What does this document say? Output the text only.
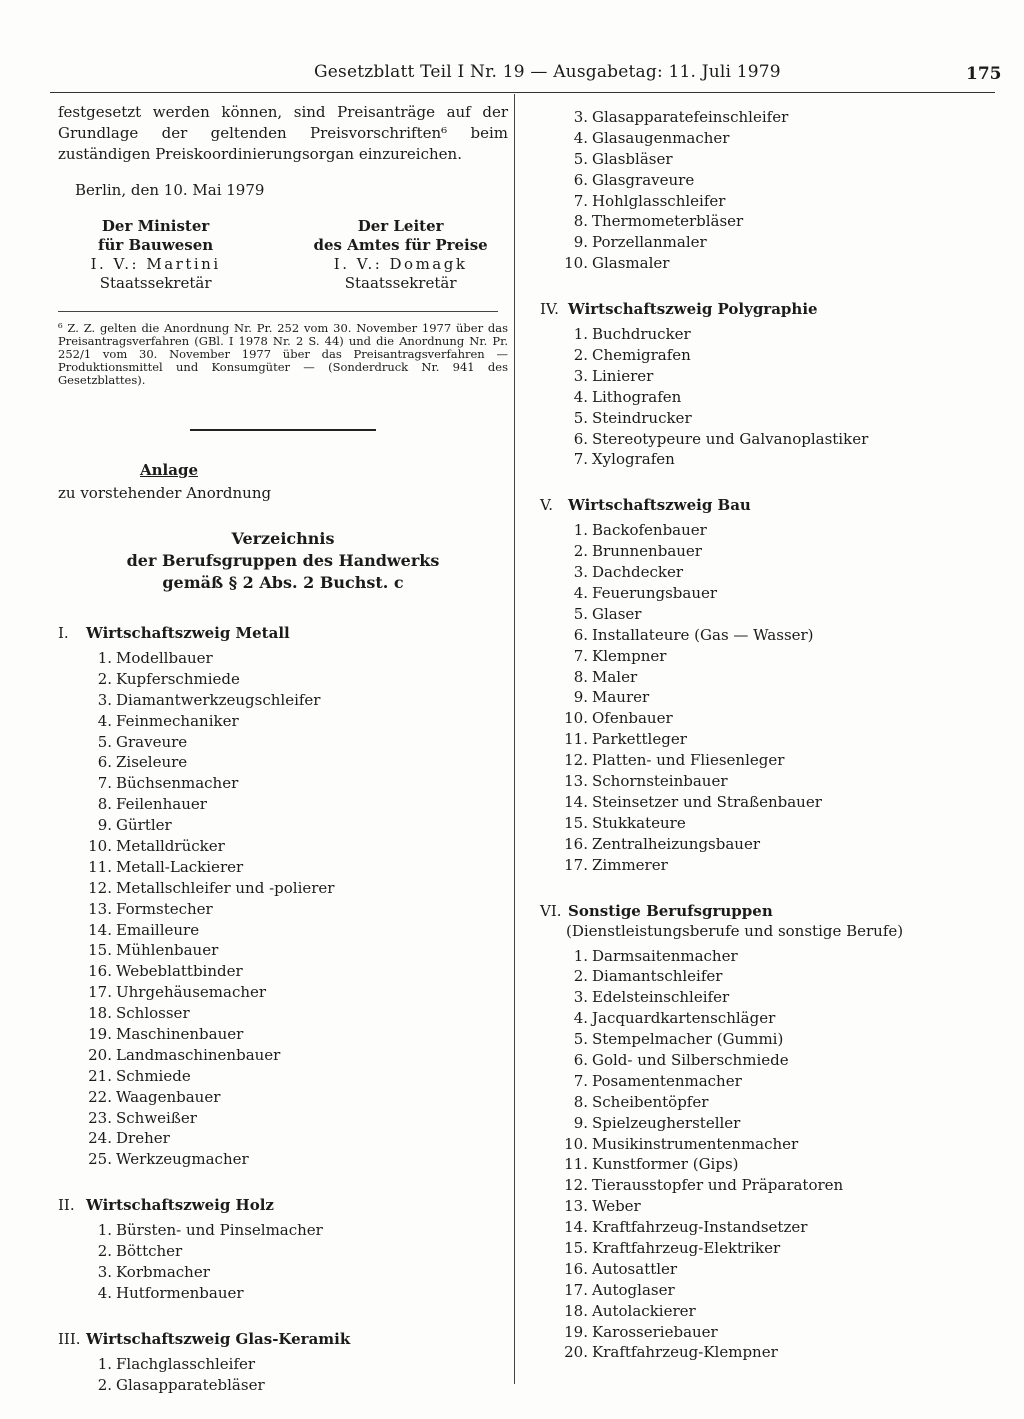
Gesetzblatt Teil I Nr. 19 — Ausgabetag: 11. Juli 1979	175

festgesetzt werden können, sind Preisanträge auf der Grundlage der geltenden Preisvorschriften⁶ beim zuständigen Preiskoordinierungsorgan einzureichen.

Berlin, den 10. Mai 1979
Der Minister
für Bauwesen
I. V.: Martini
Staatssekretär
Der Leiter
des Amtes für Preise
I. V.: Domagk
Staatssekretär

⁶ Z. Z. gelten die Anordnung Nr. Pr. 252 vom 30. November 1977 über das Preisantragsverfahren (GBl. I 1978 Nr. 2 S. 44) und die Anordnung Nr. Pr. 252/1 vom 30. November 1977 über das Preisantragsverfahren — Produktionsmittel und Konsumgüter — (Sonderdruck Nr. 941 des Gesetzblattes).

Anlage
zu vorstehender Anordnung
Verzeichnis
der Berufsgruppen des Handwerks
gemäß § 2 Abs. 2 Buchst. c
I.	Wirtschaftszweig Metall
1. Modellbauer
2. Kupferschmiede
3. Diamantwerkzeugschleifer
4. Feinmechaniker
5. Graveure
6. Ziseleure
7. Büchsenmacher
8. Feilenhauer
9. Gürtler
10. Metalldrücker
11. Metall-Lackierer
12. Metallschleifer und -polierer
13. Formstecher
14. Emailleure
15. Mühlenbauer
16. Webeblattbinder
17. Uhrgehäusemacher
18. Schlosser
19. Maschinenbauer
20. Landmaschinenbauer
21. Schmiede
22. Waagenbauer
23. Schweißer
24. Dreher
25. Werkzeugmacher
II. Wirtschaftszweig Holz
1. Bürsten- und Pinselmacher
2. Böttcher
3. Korbmacher
4. Hutformenbauer
III. Wirtschaftszweig Glas-Keramik
1. Flachglasschleifer
2. Glasapparatebläser
3. Glasapparatefeinschleifer
4. Glasaugenmacher
5. Glasbläser
6. Glasgraveure
7. Hohlglasschleifer
8. Thermometerbläser
9. Porzellanmaler
10. Glasmaler
IV. Wirtschaftszweig Polygraphie
1. Buchdrucker
2. Chemigrafen
3. Linierer
4. Lithografen
5. Steindrucker
6. Stereotypeure und Galvanoplastiker
7. Xylografen
V.	Wirtschaftszweig Bau
1. Backofenbauer
2. Brunnenbauer
3. Dachdecker
4. Feuerungsbauer
5. Glaser
6. Installateure (Gas — Wasser)
7. Klempner
8. Maler
9. Maurer
10. Ofenbauer
11. Parkettleger
12. Platten- und Fliesenleger
13. Schornsteinbauer
14. Steinsetzer und Straßenbauer
15. Stukkateure
16. Zentralheizungsbauer
17. Zimmerer
VI. Sonstige Berufsgruppen
(Dienstleistungsberufe und sonstige Berufe)
1. Darmsaitenmacher
2. Diamantschleifer
3. Edelsteinschleifer
4. Jacquardkartenschläger
5. Stempelmacher (Gummi)
6. Gold- und Silberschmiede
7. Posamentenmacher
8. Scheibentöpfer
9. Spielzeughersteller
10. Musikinstrumentenmacher
11. Kunstformer (Gips)
12. Tierausstopfer und Präparatoren
13. Weber
14. Kraftfahrzeug-Instandsetzer
15. Kraftfahrzeug-Elektriker
16. Autosattler
17. Autoglaser
18. Autolackierer
19. Karosseriebauer
20. Kraftfahrzeug-Klempner
